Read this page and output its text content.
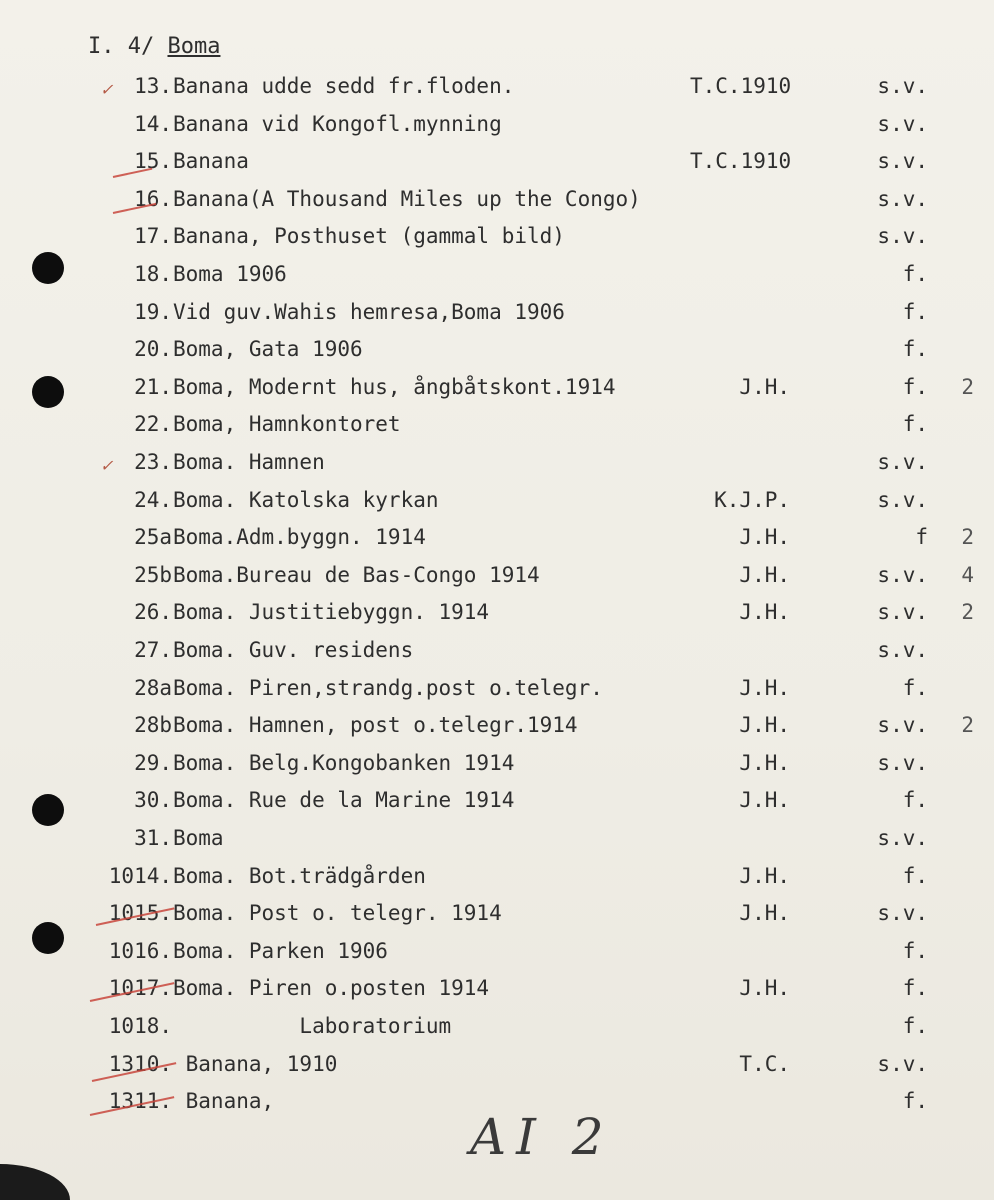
I. 4/ Boma
13. Banana udde sedd fr.floden.	T.C.1910	s.v.
14. Banana vid Kongofl.mynning	s.v.
15. Banana	T.C.1910	s.v.
16. Banana(A Thousand Miles up the Congo)	s.v.
17. Banana, Posthuset (gammal bild)	s.v.
18. Boma 1906	f.
19. Vid guv.Wahis hemresa,Boma 1906	f.
20. Boma, Gata 1906	f.
21. Boma, Modernt hus, ångbåtskont.1914	J.H.	f.	2
22. Boma, Hamnkontoret	f.
23. Boma. Hamnen	s.v.
24. Boma. Katolska kyrkan	K.J.P.	s.v.
25a Boma.Adm.byggn. 1914	J.H.	f	2
25b Boma.Bureau de Bas-Congo 1914	J.H.	s.v.	4
26. Boma. Justitiebyggn. 1914	J.H.	s.v.	2
27. Boma. Guv. residens	s.v.
28a Boma. Piren,strandg.post o.telegr.	J.H.	f.
28b Boma. Hamnen, post o.telegr.1914	J.H.	s.v.	2
29. Boma. Belg.Kongobanken 1914	J.H.	s.v.
30. Boma. Rue de la Marine 1914	J.H.	f.
31. Boma	s.v.
1014. Boma. Bot.trädgården	J.H.	f.
1015. Boma. Post o. telegr. 1914	J.H.	s.v.
1016. Boma. Parken 1906	f.
1017. Boma. Piren o.posten 1914	J.H.	f.
1018. Laboratorium	f.
1310. Banana, 1910	T.C.	s.v.
1311. Banana,	f.
✓
✓
AI 2
